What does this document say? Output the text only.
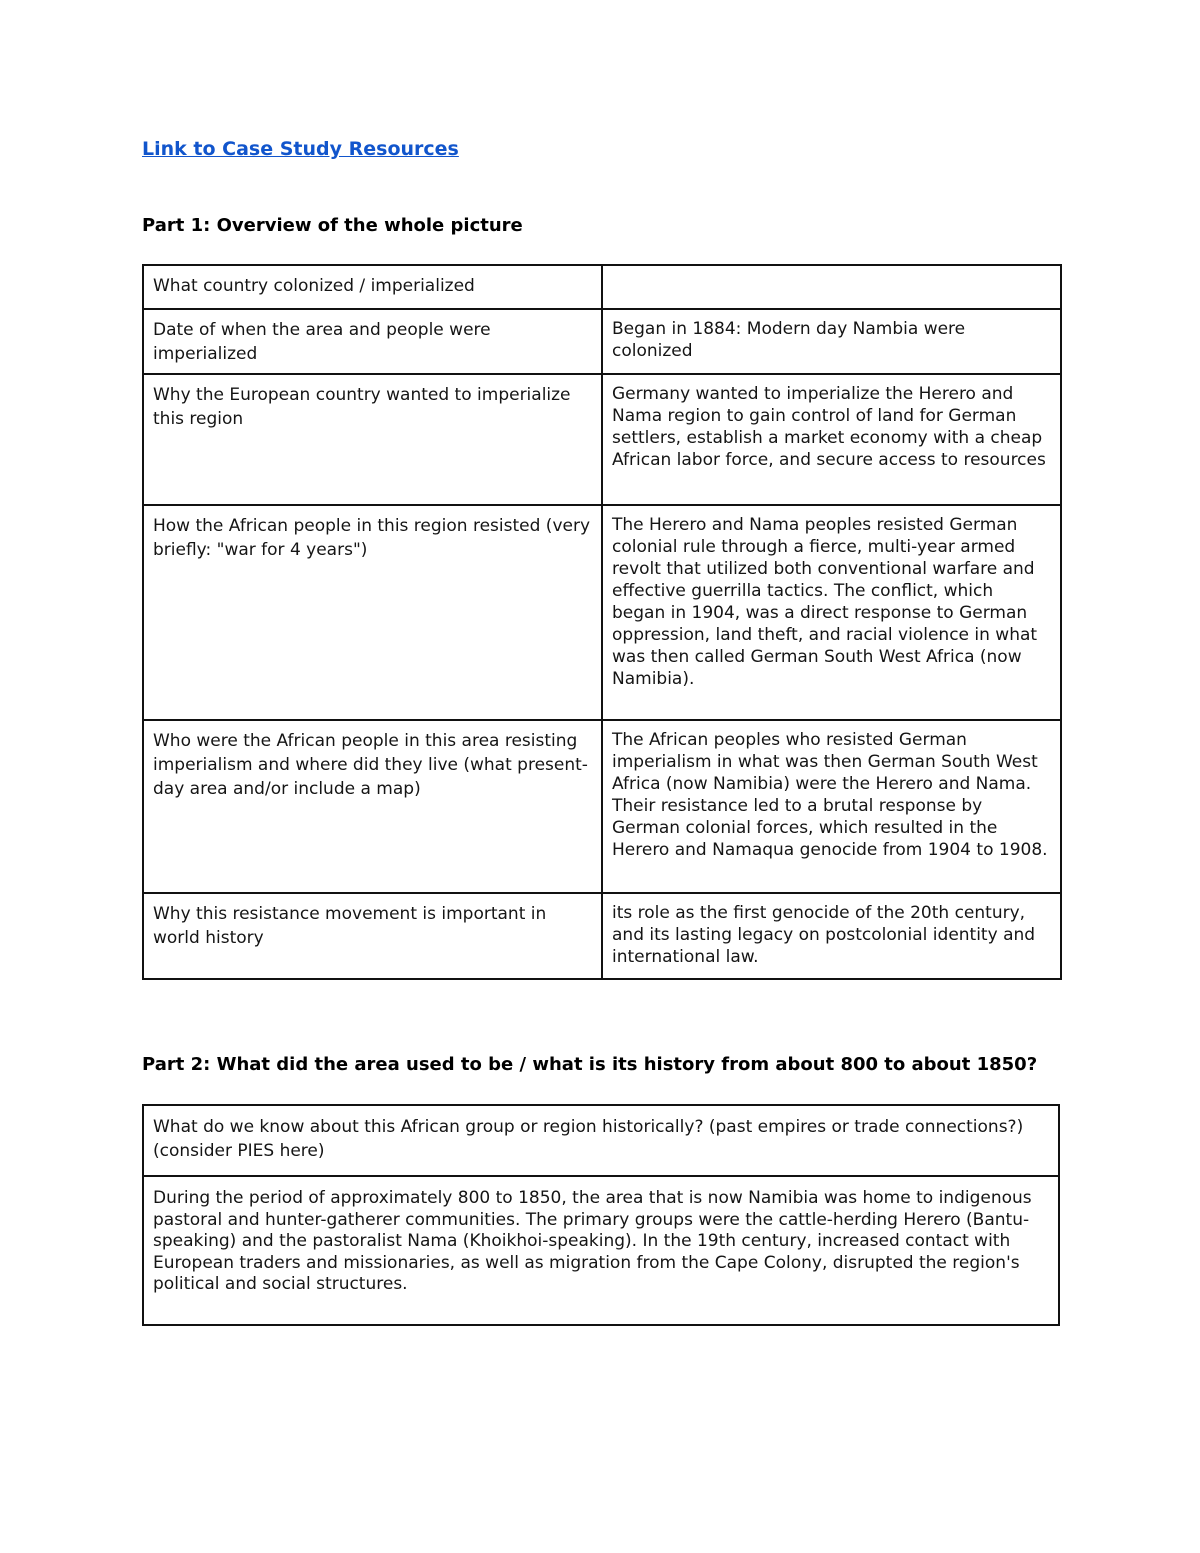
Link to Case Study Resources
Part 1: Overview of the whole picture
What country colonized / imperialized	
Date of when the area and people were imperialized	Began in 1884: Modern day Nambia were colonized
Why the European country wanted to imperialize this region	Germany wanted to imperialize the Herero and Nama region to gain control of land for German settlers, establish a market economy with a cheap African labor force, and secure access to resources
How the African people in this region resisted (very briefly: "war for 4 years")	The Herero and Nama peoples resisted German colonial rule through a fierce, multi-year armed revolt that utilized both conventional warfare and effective guerrilla tactics. The conflict, which began in 1904, was a direct response to German oppression, land theft, and racial violence in what was then called German South West Africa (now Namibia).
Who were the African people in this area resisting imperialism and where did they live (what present-day area and/or include a map)	The African peoples who resisted German imperialism in what was then German South West Africa (now Namibia) were the Herero and Nama. Their resistance led to a brutal response by German colonial forces, which resulted in the Herero and Namaqua genocide from 1904 to 1908.
Why this resistance movement is important in world history	its role as the first genocide of the 20th century, and its lasting legacy on postcolonial identity and international law.
Part 2: What did the area used to be / what is its history from about 800 to about 1850?
What do we know about this African group or region historically? (past empires or trade connections?) (consider PIES here)
During the period of approximately 800 to 1850, the area that is now Namibia was home to indigenous pastoral and hunter-gatherer communities. The primary groups were the cattle-herding Herero (Bantu-speaking) and the pastoralist Nama (Khoikhoi-speaking). In the 19th century, increased contact with European traders and missionaries, as well as migration from the Cape Colony, disrupted the region's political and social structures.
